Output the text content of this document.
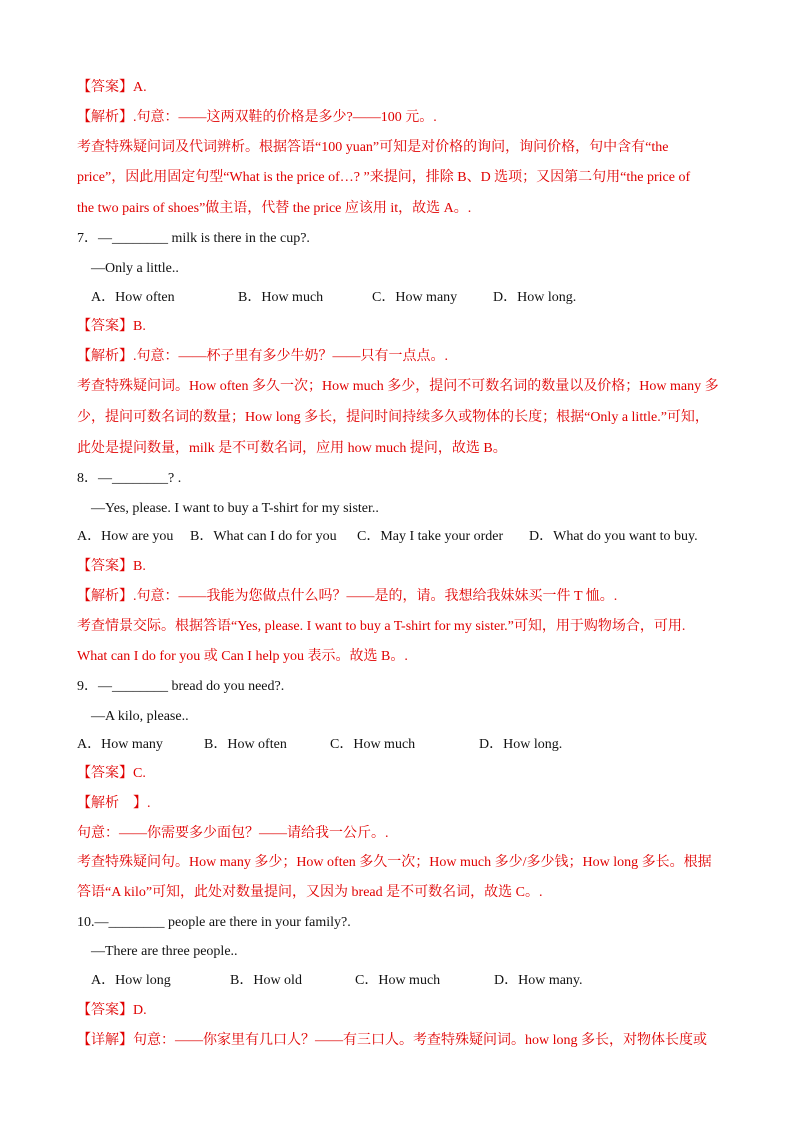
【答案】A.
【解析】.句意：——这两双鞋的价格是多少?——100 元。.
考查特殊疑问词及代词辨析。根据答语“100 yuan”可知是对价格的询问，询问价格，句中含有“the
price”，因此用固定句型“What is the price of…? ”来提问，排除 B、D 选项；又因第二句用“the price of
the two pairs of shoes”做主语，代替 the price 应该用 it，故选 A。.
7．—________ milk is there in the cup?.
—Only a little..
A．How often	B．How much	C．How many	D．How long.
【答案】B.
【解析】.句意：——杯子里有多少牛奶？——只有一点点。.
考查特殊疑问词。How often 多久一次；How much 多少，提问不可数名词的数量以及价格；How many 多
少，提问可数名词的数量；How long 多长，提问时间持续多久或物体的长度；根据“Only a little.”可知，
此处是提问数量，milk 是不可数名词，应用 how much 提问，故选 B。
8．—________? .
—Yes, please. I want to buy a T-shirt for my sister..
A．How are you B．What can I do for you C．May I take your order D．What do you want to buy.
【答案】B.
【解析】.句意：——我能为您做点什么吗？——是的，请。我想给我妹妹买一件 T 恤。.
考查情景交际。根据答语“Yes, please. I want to buy a T-shirt for my sister.”可知，用于购物场合，可用.
What can I do for you 或 Can I help you 表示。故选 B。.
9．—________ bread do you need?.
—A kilo, please..
A．How many	B．How often	C．How much	D．How long.
【答案】C.
【解析　】.
句意：——你需要多少面包？——请给我一公斤。.
考查特殊疑问句。How many 多少；How often 多久一次；How much 多少/多少钱；How long 多长。根据
答语“A kilo”可知，此处对数量提问，又因为 bread 是不可数名词，故选 C。.
10.—________ people are there in your family?.
—There are three people..
A．How long	B．How old	C．How much	D．How many.
【答案】D.
【详解】句意：——你家里有几口人？——有三口人。考查特殊疑问词。how long 多长，对物体长度或
